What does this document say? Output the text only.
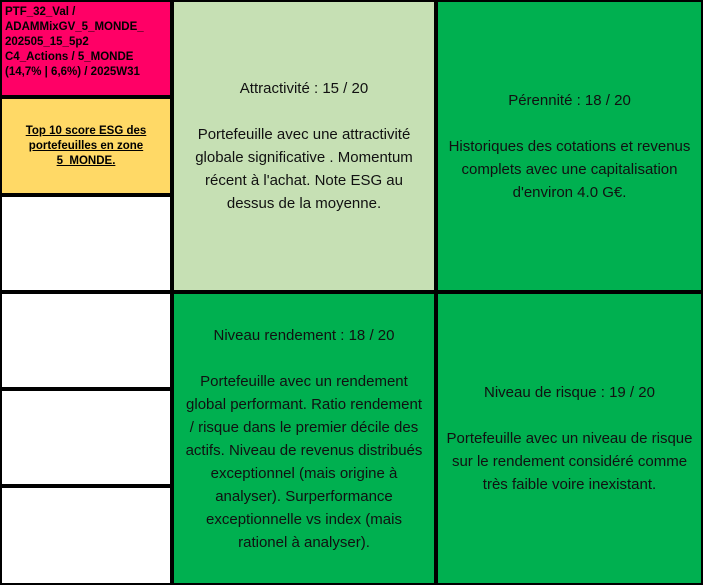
PTF_32_Val /
ADAMMixGV_5_MONDE_
202505_15_5p2
C4_Actions / 5_MONDE
(14,7% | 6,6%) / 2025W31
Top 10 score ESG des
portefeuilles en zone
5_MONDE.
Attractivité : 15 / 20
Portefeuille avec une attractivité globale significative . Momentum récent à l'achat. Note ESG au dessus de la moyenne.
Pérennité : 18 / 20
Historiques des cotations et revenus complets avec une capitalisation d'environ 4.0 G€.
Niveau rendement : 18 / 20
Portefeuille avec un rendement global performant. Ratio rendement / risque dans le premier décile des actifs. Niveau de revenus distribués exceptionnel (mais origine à analyser). Surperformance exceptionnelle vs index (mais rationel à analyser).
Niveau de risque : 19 / 20
Portefeuille avec un niveau de risque sur le rendement considéré comme très faible voire inexistant.
